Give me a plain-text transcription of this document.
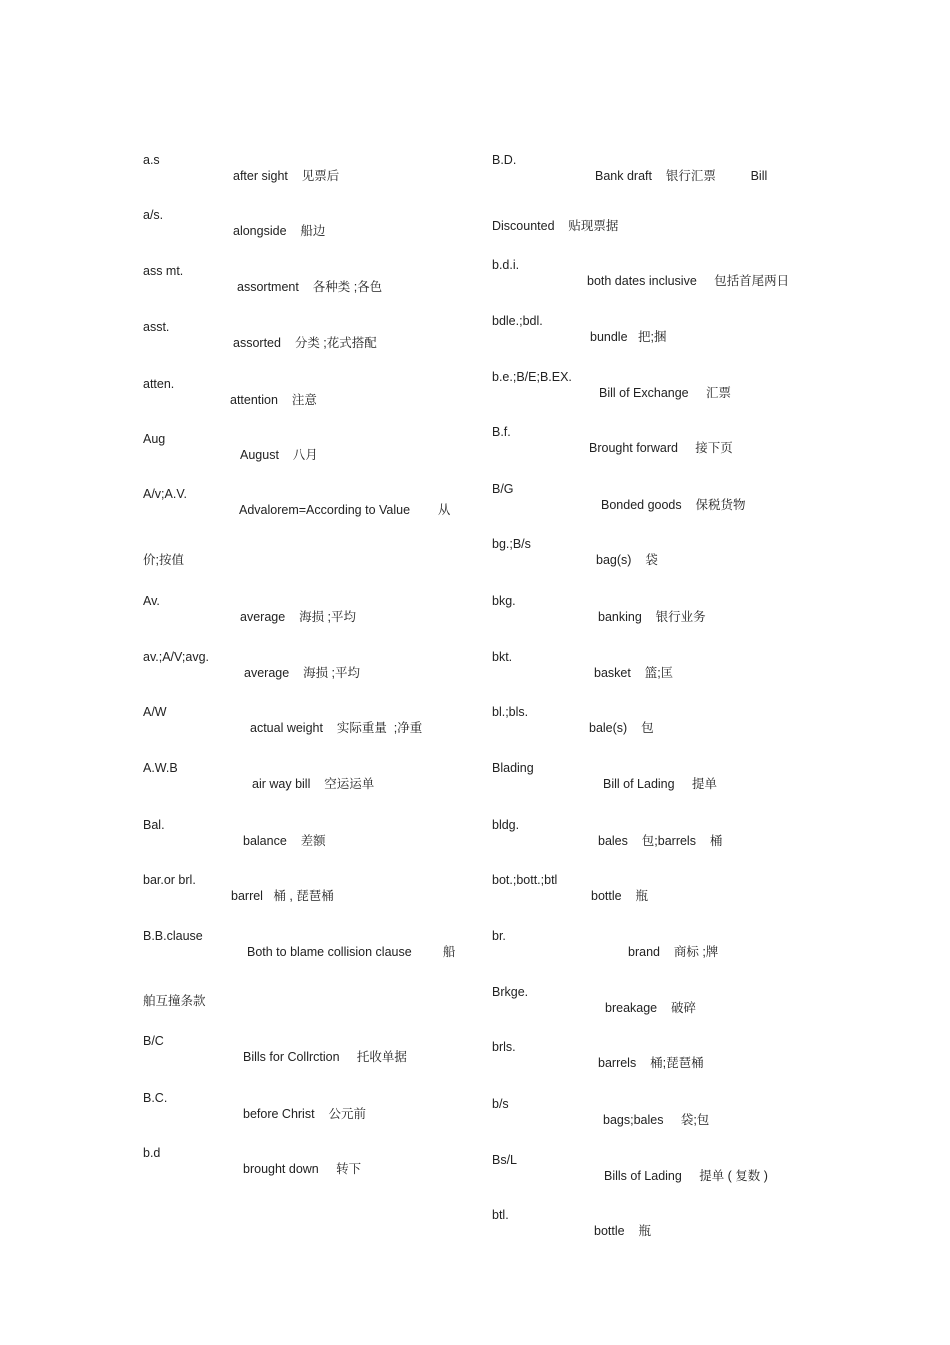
a.s

after sight    见票后

a/s.

alongside    船边

ass mt.

assortment    各种类 ;各色

asst.

assorted    分类 ;花式搭配

atten.

attention    注意

Aug

August    八月

A/v;A.V.

Advalorem=According to Value        从

价;按值

Av.

average    海损 ;平均

av.;A/V;avg.

average    海损 ;平均

A/W

actual weight    实际重量  ;净重

A.W.B

air way bill    空运运单

Bal.

balance    差额

bar.or brl.

barrel   桶 , 琵琶桶

B.B.clause

Both to blame collision clause         船

舶互撞条款

B/C

Bills for Collrction     托收单据

B.C.

before Christ    公元前

b.d

brought down     转下

B.D.

Bank draft    银行汇票          Bill

Discounted    贴现票据

b.d.i.

both dates inclusive     包括首尾两日

bdle.;bdl.

bundle   把;捆

b.e.;B/E;B.EX.

Bill of Exchange     汇票

B.f.

Brought forward     接下页

B/G

Bonded goods    保税货物

bg.;B/s

bag(s)    袋

bkg.

banking    银行业务

bkt.

basket    篮;匡

bl.;bls.

bale(s)    包

Blading

Bill of Lading     提单

bldg.

bales    包;barrels    桶

bot.;bott.;btl

bottle    瓶

br.

brand    商标 ;牌

Brkge.

breakage    破碎

brls.

barrels    桶;琵琶桶

b/s

bags;bales     袋;包

Bs/L

Bills of Lading     提单 ( 复数 )

btl.

bottle    瓶
